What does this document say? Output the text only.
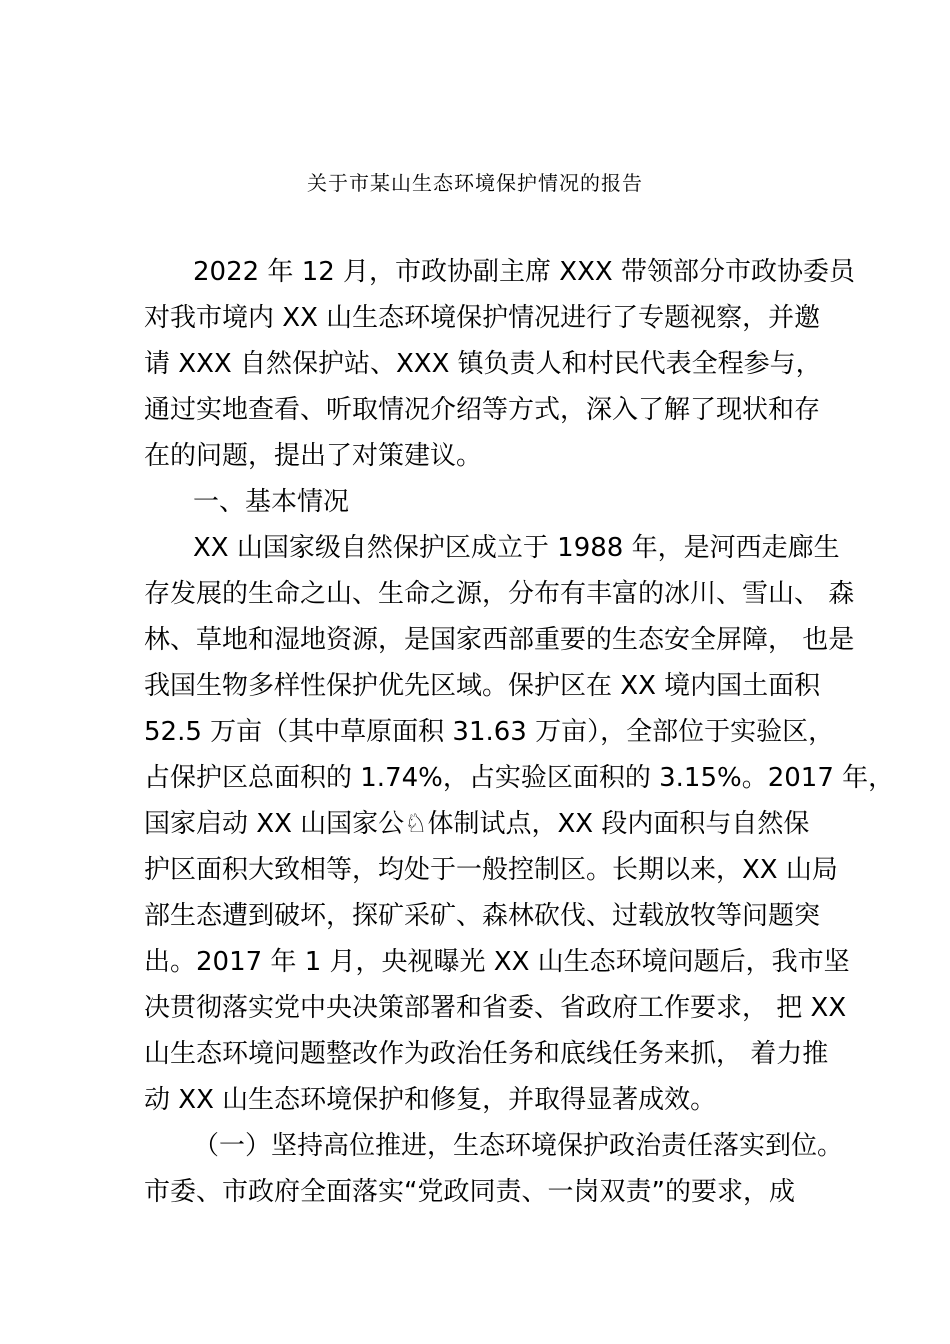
关于市某山生态环境保护情况的报告
2022 年 12 月，市政协副主席 XXX 带领部分市政协委员
对我市境内 XX 山生态环境保护情况进行了专题视察，并邀
请 XXX 自然保护站、XXX 镇负责人和村民代表全程参与，
通过实地查看、听取情况介绍等方式，深入了解了现状和存
在的问题，提出了对策建议。
一、基本情况
XX 山国家级自然保护区成立于 1988 年，是河西走廊生
存发展的生命之山、生命之源，分布有丰富的冰川、雪山、 森
林、草地和湿地资源，是国家西部重要的生态安全屏障， 也是
我国生物多样性保护优先区域。保护区在 XX 境内国土面积
52.5 万亩（其中草原面积 31.63 万亩），全部位于实验区，
占保护区总面积的 1.74%，占实验区面积的 3.15%。2017 年，
国家启动 XX 山国家公♘体制试点，XX 段内面积与自然保
护区面积大致相等，均处于一般控制区。长期以来，XX 山局
部生态遭到破坏，探矿采矿、森林砍伐、过载放牧等问题突
出。2017 年 1 月，央视曝光 XX 山生态环境问题后，我市坚
决贯彻落实党中央决策部署和省委、省政府工作要求， 把 XX
山生态环境问题整改作为政治任务和底线任务来抓， 着力推
动 XX 山生态环境保护和修复，并取得显著成效。
（一）坚持高位推进，生态环境保护政治责任落实到位。
市委、市政府全面落实“党政同责、一岗双责”的要求，成
